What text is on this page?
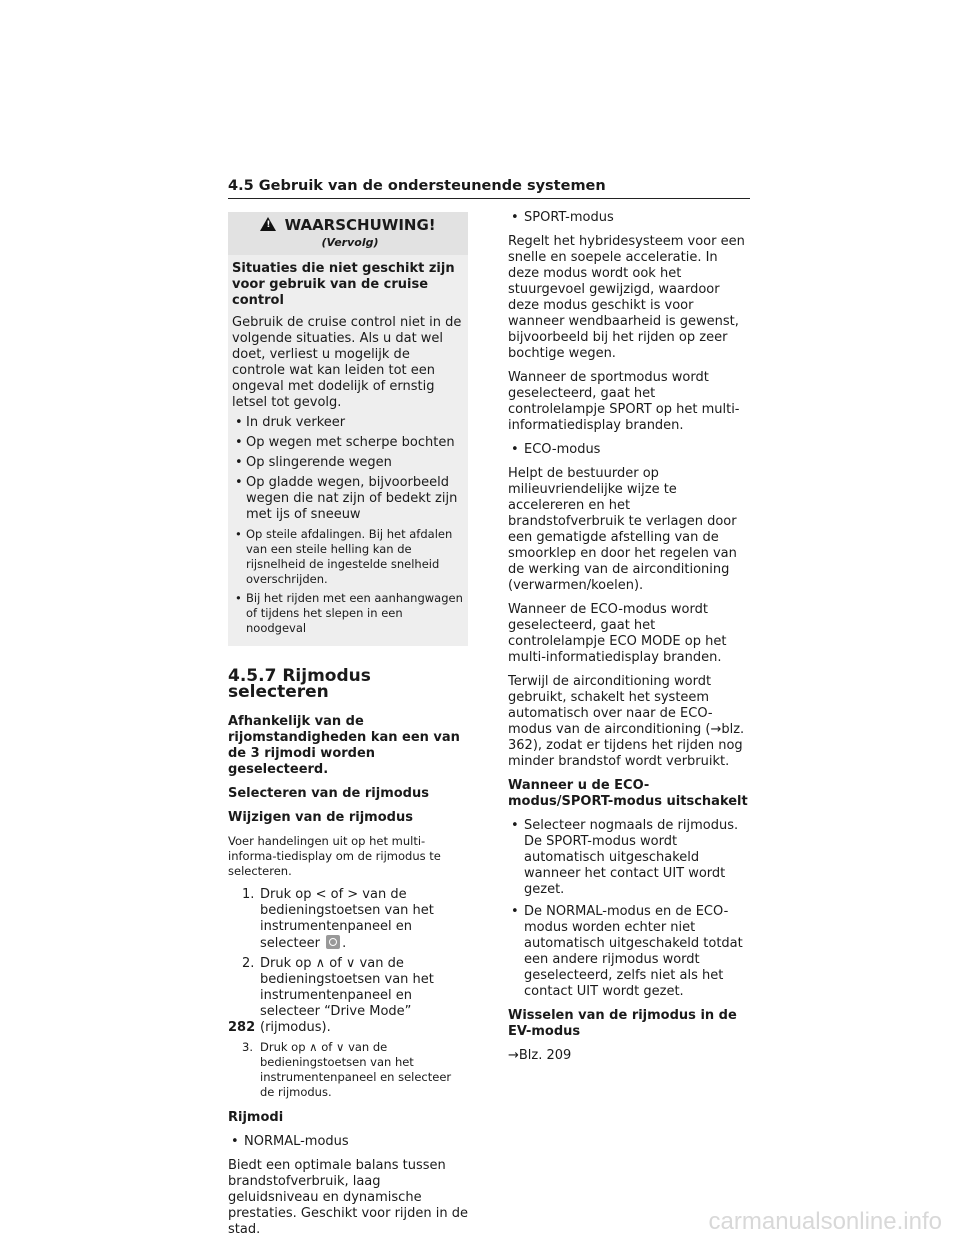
4.5 Gebruik van de ondersteunende systemen
! WAARSCHUWING! (Vervolg)
Situaties die niet geschikt zijn voor gebruik van de cruise control
Gebruik de cruise control niet in de volgende situaties. Als u dat wel doet, verliest u mogelijk de controle wat kan leiden tot een ongeval met dodelijk of ernstig letsel tot gevolg.
• In druk verkeer
• Op wegen met scherpe bochten
• Op slingerende wegen
• Op gladde wegen, bijvoorbeeld wegen die nat zijn of bedekt zijn met ijs of sneeuw
• Op steile afdalingen. Bij het afdalen van een steile helling kan de rijsnelheid de ingestelde snelheid overschrijden.
• Bij het rijden met een aanhangwagen of tijdens het slepen in een noodgeval
4.5.7 Rijmodus selecteren

Afhankelijk van de rijomstandigheden kan een van de 3 rijmodi worden geselecteerd.

Selecteren van de rijmodus

Wijzigen van de rijmodus

Voer handelingen uit op het multi-informa-tiedisplay om de rijmodus te selecteren.

1. Druk op < of > van de bedieningstoetsen van het instrumentenpaneel en selecteer .
2. Druk op ∧ of ∨ van de bedieningstoetsen van het instrumentenpaneel en selecteer “Drive Mode” (rijmodus).
3. Druk op ∧ of ∨ van de bedieningstoetsen van het instrumentenpaneel en selecteer de rijmodus.

Rijmodi

• NORMAL-modus

Biedt een optimale balans tussen brandstofverbruik, laag geluidsniveau en dynamische prestaties. Geschikt voor rijden in de stad.

• SPORT-modus

Regelt het hybridesysteem voor een snelle en soepele acceleratie. In deze modus wordt ook het stuurgevoel gewijzigd, waardoor deze modus geschikt is voor wanneer wendbaarheid is gewenst, bijvoorbeeld bij het rijden op zeer bochtige wegen.

Wanneer de sportmodus wordt geselecteerd, gaat het controlelampje SPORT op het multi-informatiedisplay branden.

• ECO-modus

Helpt de bestuurder op milieuvriendelijke wijze te accelereren en het brandstofverbruik te verlagen door een gematigde afstelling van de smoorklep en door het regelen van de werking van de airconditioning (verwarmen/koelen).

Wanneer de ECO-modus wordt geselecteerd, gaat het controlelampje ECO MODE op het multi-informatiedisplay branden.

Terwijl de airconditioning wordt gebruikt, schakelt het systeem automatisch over naar de ECO-modus van de airconditioning (→blz. 362), zodat er tijdens het rijden nog minder brandstof wordt verbruikt.

Wanneer u de ECO-modus/SPORT-modus uitschakelt

• Selecteer nogmaals de rijmodus. De SPORT-modus wordt automatisch uitgeschakeld wanneer het contact UIT wordt gezet.
• De NORMAL-modus en de ECO-modus worden echter niet automatisch uitgeschakeld totdat een andere rijmodus wordt geselecteerd, zelfs niet als het contact UIT wordt gezet.

Wisselen van de rijmodus in de EV-modus

→Blz. 209

282
carmanualsonline.info
